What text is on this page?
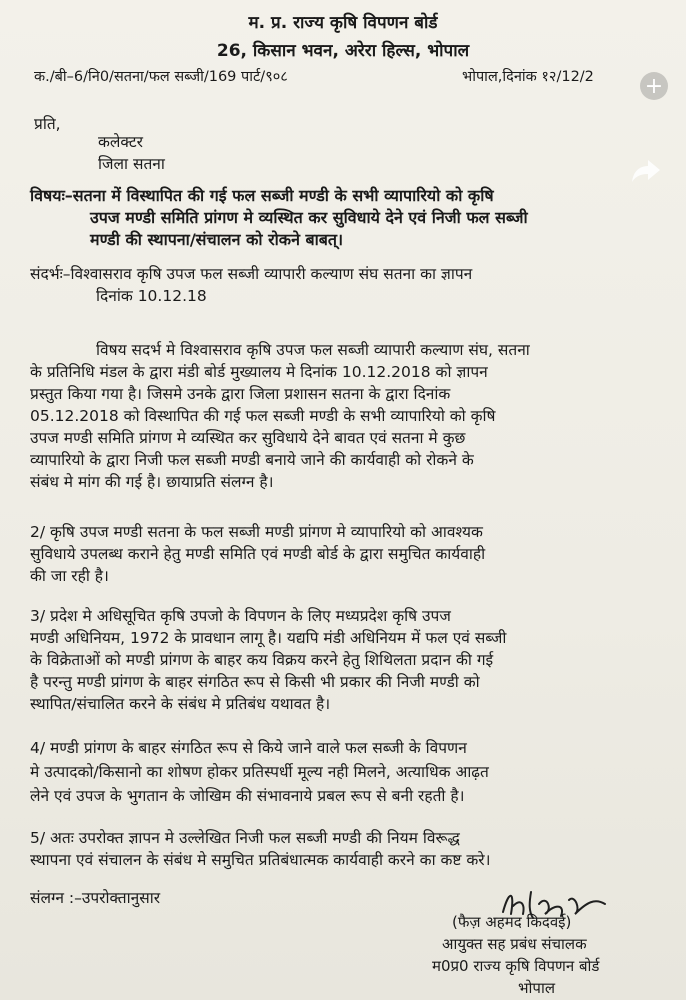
म. प्र. राज्य कृषि विपणन बोर्ड
26, किसान भवन, अरेरा हिल्स, भोपाल
क./बी–6/नि0/सतना/फल सब्जी/169 पार्ट/९०८	भोपाल,दिनांक १२/12/2
प्रति,
कलेक्टर
जिला सतना
विषयः–सतना में विस्थापित की गई फल सब्जी मण्डी के सभी व्यापारियो को कृषि
उपज मण्डी समिति प्रांगण मे व्यस्थित कर सुविधाये देने एवं निजी फल सब्जी
मण्डी की स्थापना/संचालन को रोकने बाबत्।
संदर्भः–विश्वासराव कृषि उपज फल सब्जी व्यापारी कल्याण संघ सतना का ज्ञापन
दिनांक 10.12.18
विषय सदर्भ मे विश्वासराव कृषि उपज फल सब्जी व्यापारी कल्याण संघ, सतना
के प्रतिनिधि मंडल के द्वारा मंडी बोर्ड मुख्यालय मे दिनांक 10.12.2018 को ज्ञापन
प्रस्तुत किया गया है। जिसमे उनके द्वारा जिला प्रशासन सतना के द्वारा दिनांक
05.12.2018 को विस्थापित की गई फल सब्जी मण्डी के सभी व्यापारियो को कृषि
उपज मण्डी समिति प्रांगण मे व्यस्थित कर सुविधाये देने बावत एवं सतना मे कुछ
व्यापारियो के द्वारा निजी फल सब्जी मण्डी बनाये जाने की कार्यवाही को रोकने के
संबंध मे मांग की गई है। छायाप्रति संलग्न है।
2/ कृषि उपज मण्डी सतना के फल सब्जी मण्डी प्रांगण मे व्यापारियो को आवश्यक
सुविधाये उपलब्ध कराने हेतु मण्डी समिति एवं मण्डी बोर्ड के द्वारा समुचित कार्यवाही
की जा रही है।
3/ प्रदेश मे अधिसूचित कृषि उपजो के विपणन के लिए मध्यप्रदेश कृषि उपज
मण्डी अधिनियम, 1972 के प्रावधान लागू है। यद्यपि मंडी अधिनियम में फल एवं सब्जी
के विक्रेताओं को मण्डी प्रांगण के बाहर कय विक्रय करने हेतु शिथिलता प्रदान की गई
है परन्तु मण्डी प्रांगण के बाहर संगठित रूप से किसी भी प्रकार की निजी मण्डी को
स्थापित/संचालित करने के संबंध मे प्रतिबंध यथावत है।
4/ मण्डी प्रांगण के बाहर संगठित रूप से किये जाने वाले फल सब्जी के विपणन
मे उत्पादको/किसानो का शोषण होकर प्रतिस्पर्धी मूल्य नही मिलने, अत्याधिक आढ़त
लेने एवं उपज के भुगतान के जोखिम की संभावनाये प्रबल रूप से बनी रहती है।
5/ अतः उपरोक्त ज्ञापन मे उल्लेखित निजी फल सब्जी मण्डी की नियम विरूद्ध
स्थापना एवं संचालन के संबंध मे समुचित प्रतिबंधात्मक कार्यवाही करने का कष्ट करे।
संलग्न :–उपरोक्तानुसार
(फैज़ अहमद किदवई)
आयुक्त सह प्रबंध संचालक
म0प्र0 राज्य कृषि विपणन बोर्ड
भोपाल
+
